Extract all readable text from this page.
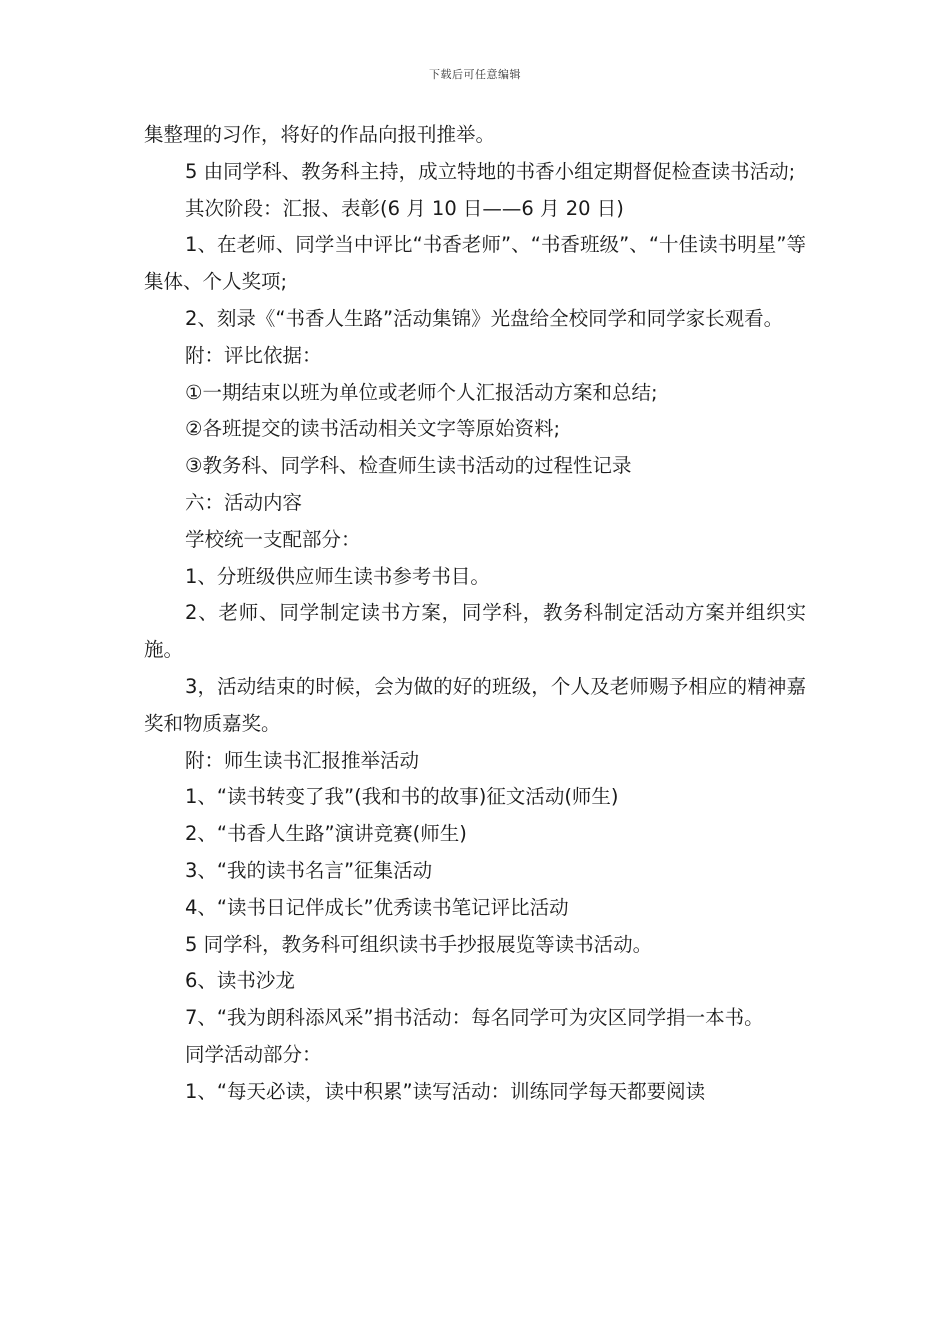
下载后可任意编辑

集整理的习作，将好的作品向报刊推举。

5 由同学科、教务科主持，成立特地的书香小组定期督促检查读书活动;

其次阶段：汇报、表彰(6 月 10 日——6 月 20 日)

1、在老师、同学当中评比“书香老师”、“书香班级”、“十佳读书明星”等集体、个人奖项;

2、刻录《“书香人生路”活动集锦》光盘给全校同学和同学家长观看。

附：评比依据：

①一期结束以班为单位或老师个人汇报活动方案和总结;

②各班提交的读书活动相关文字等原始资料;

③教务科、同学科、检查师生读书活动的过程性记录

六：活动内容

学校统一支配部分：

1、分班级供应师生读书参考书目。

2、老师、同学制定读书方案，同学科，教务科制定活动方案并组织实施。

3，活动结束的时候，会为做的好的班级，个人及老师赐予相应的精神嘉奖和物质嘉奖。

附：师生读书汇报推举活动

1、“读书转变了我”(我和书的故事)征文活动(师生)

2、“书香人生路”演讲竞赛(师生)

3、“我的读书名言”征集活动

4、“读书日记伴成长”优秀读书笔记评比活动

5 同学科，教务科可组织读书手抄报展览等读书活动。

6、读书沙龙

7、“我为朗科添风采”捐书活动：每名同学可为灾区同学捐一本书。

同学活动部分：

1、“每天必读，读中积累”读写活动：训练同学每天都要阅读
